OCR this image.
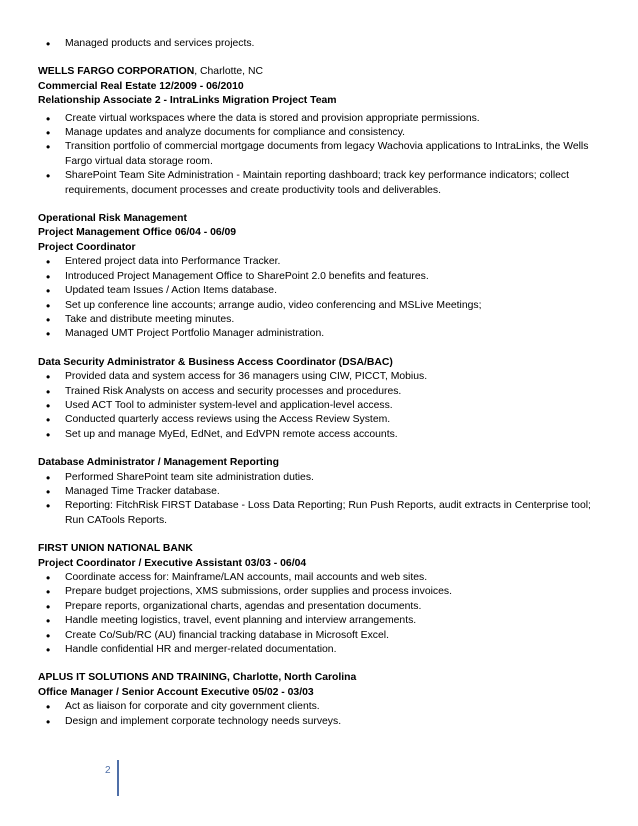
• Managed products and services projects.
WELLS FARGO CORPORATION, Charlotte, NC
Commercial Real Estate 12/2009 - 06/2010
Relationship Associate 2 - IntraLinks Migration Project Team
• Create virtual workspaces where the data is stored and provision appropriate permissions.
• Manage updates and analyze documents for compliance and consistency.
• Transition portfolio of commercial mortgage documents from legacy Wachovia applications to IntraLinks, the Wells Fargo virtual data storage room.
• SharePoint Team Site Administration - Maintain reporting dashboard; track key performance indicators; collect requirements, document processes and create productivity tools and deliverables.
Operational Risk Management
Project Management Office 06/04 - 06/09
Project Coordinator
• Entered project data into Performance Tracker.
• Introduced Project Management Office to SharePoint 2.0 benefits and features.
• Updated team Issues / Action Items database.
• Set up conference line accounts; arrange audio, video conferencing and MSLive Meetings;
• Take and distribute meeting minutes.
• Managed UMT Project Portfolio Manager administration.
Data Security Administrator & Business Access Coordinator (DSA/BAC)
• Provided data and system access for 36 managers using CIW, PICCT, Mobius.
• Trained Risk Analysts on access and security processes and procedures.
• Used ACT Tool to administer system-level and application-level access.
• Conducted quarterly access reviews using the Access Review System.
• Set up and manage MyEd, EdNet, and EdVPN remote access accounts.
Database Administrator / Management Reporting
• Performed SharePoint team site administration duties.
• Managed Time Tracker database.
• Reporting: FitchRisk FIRST Database - Loss Data Reporting; Run Push Reports, audit extracts in Centerprise tool; Run CATools Reports.
FIRST UNION NATIONAL BANK
Project Coordinator / Executive Assistant 03/03 - 06/04
• Coordinate access for: Mainframe/LAN accounts, mail accounts and web sites.
• Prepare budget projections, XMS submissions, order supplies and process invoices.
• Prepare reports, organizational charts, agendas and presentation documents.
• Handle meeting logistics, travel, event planning and interview arrangements.
• Create Co/Sub/RC (AU) financial tracking database in Microsoft Excel.
• Handle confidential HR and merger-related documentation.
APLUS IT SOLUTIONS AND TRAINING, Charlotte, North Carolina
Office Manager / Senior Account Executive 05/02 - 03/03
• Act as liaison for corporate and city government clients.
• Design and implement corporate technology needs surveys.
2
